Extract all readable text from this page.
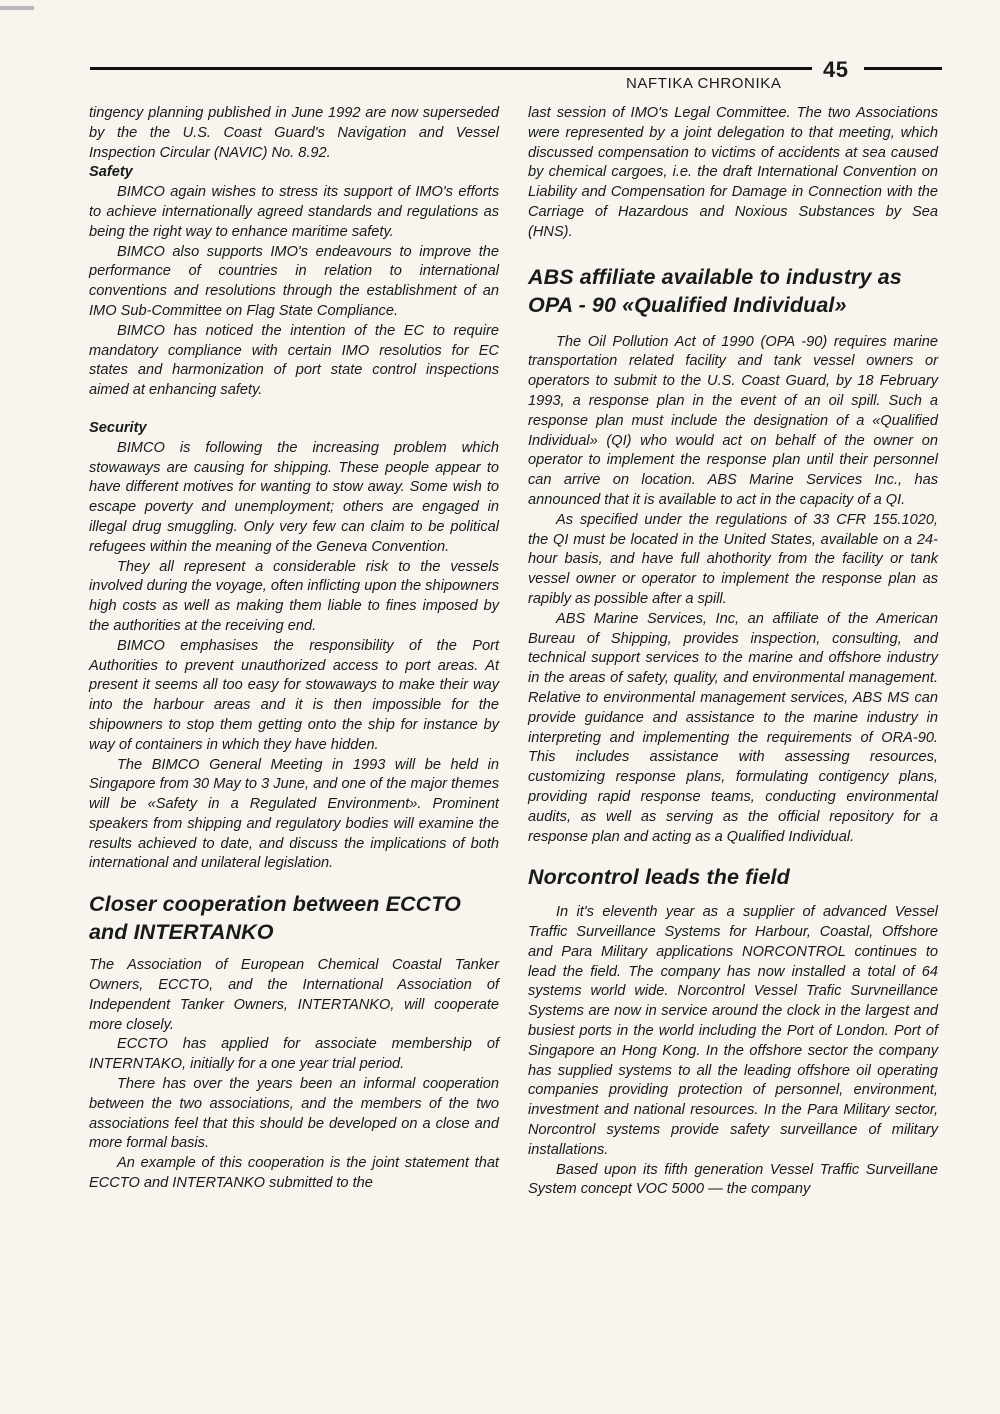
45
NAFTIKA CHRONIKA

tingency planning published in June 1992 are now superseded by the the U.S. Coast Guard's Navigation and Vessel Inspection Circular (NAVIC) No. 8.92.

Safety

BIMCO again wishes to stress its support of IMO's efforts to achieve internationally agreed standards and regulations as being the right way to enhance maritime safety.

BIMCO also supports IMO's endeavours to improve the performance of countries in relation to international conventions and resolutions through the establishment of an IMO Sub-Committee on Flag State Compliance.

BIMCO has noticed the intention of the EC to require mandatory compliance with certain IMO resolutios for EC states and harmonization of port state control inspections aimed at enhancing safety.

Security

BIMCO is following the increasing problem which stowaways are causing for shipping. These people appear to have different motives for wanting to stow away. Some wish to escape poverty and unemployment; others are engaged in illegal drug smuggling. Only very few can claim to be political refugees within the meaning of the Geneva Convention.

They all represent a considerable risk to the vessels involved during the voyage, often inflicting upon the shipowners high costs as well as making them liable to fines imposed by the authorities at the receiving end.

BIMCO emphasises the responsibility of the Port Authorities to prevent unauthorized access to port areas. At present it seems all too easy for stowaways to make their way into the harbour areas and it is then impossible for the shipowners to stop them getting onto the ship for instance by way of containers in which they have hidden.

The BIMCO General Meeting in 1993 will be held in Singapore from 30 May to 3 June, and one of the major themes will be «Safety in a Regulated Environment». Prominent speakers from shipping and regulatory bodies will examine the results achieved to date, and discuss the implications of both international and unilateral legislation.

Closer cooperation between ECCTO and INTERTANKO

The Association of European Chemical Coastal Tanker Owners, ECCTO, and the International Association of Independent Tanker Owners, INTERTANKO, will cooperate more closely.

ECCTO has applied for associate membership of INTERNTAKO, initially for a one year trial period.

There has over the years been an informal cooperation between the two associations, and the members of the two associations feel that this should be developed on a close and more formal basis.

An example of this cooperation is the joint statement that ECCTO and INTERTANKO submitted to the

last session of IMO's Legal Committee. The two Associations were represented by a joint delegation to that meeting, which discussed compensation to victims of accidents at sea caused by chemical cargoes, i.e. the draft International Convention on Liability and Compensation for Damage in Connection with the Carriage of Hazardous and Noxious Substances by Sea (HNS).

ABS affiliate available to industry as OPA - 90 «Qualified Individual»

The Oil Pollution Act of 1990 (OPA -90) requires marine transportation related facility and tank vessel owners or operators to submit to the U.S. Coast Guard, by 18 February 1993, a response plan in the event of an oil spill. Such a response plan must include the designation of a «Qualified Individual» (QI) who would act on behalf of the owner on operator to implement the response plan until their personnel can arrive on location. ABS Marine Services Inc., has announced that it is available to act in the capacity of a QI.

As specified under the regulations of 33 CFR 155.1020, the QI must be located in the United States, available on a 24-hour basis, and have full ahothority from the facility or tank vessel owner or operator to implement the response plan as rapibly as possible after a spill.

ABS Marine Services, Inc, an affiliate of the American Bureau of Shipping, provides inspection, consulting, and technical support services to the marine and offshore industry in the areas of safety, quality, and environmental management. Relative to environmental management services, ABS MS can provide guidance and assistance to the marine industry in interpreting and implementing the requirements of ORA-90. This includes assistance with assessing resources, customizing response plans, formulating contigency plans, providing rapid response teams, conducting environmental audits, as well as serving as the official repository for a response plan and acting as a Qualified Individual.

Norcontrol leads the field

In it's eleventh year as a supplier of advanced Vessel Traffic Surveillance Systems for Harbour, Coastal, Offshore and Para Military applications NORCONTROL continues to lead the field. The company has now installed a total of 64 systems world wide. Norcontrol Vessel Trafic Survneillance Systems are now in service around the clock in the largest and busiest ports in the world including the Port of London. Port of Singapore an Hong Kong. In the offshore sector the company has supplied systems to all the leading offshore oil operating companies providing protection of personnel, environment, investment and national resources. In the Para Military sector, Norcontrol systems provide safety surveillance of military installations.

Based upon its fifth generation Vessel Traffic Surveillane System concept VOC 5000 — the company
